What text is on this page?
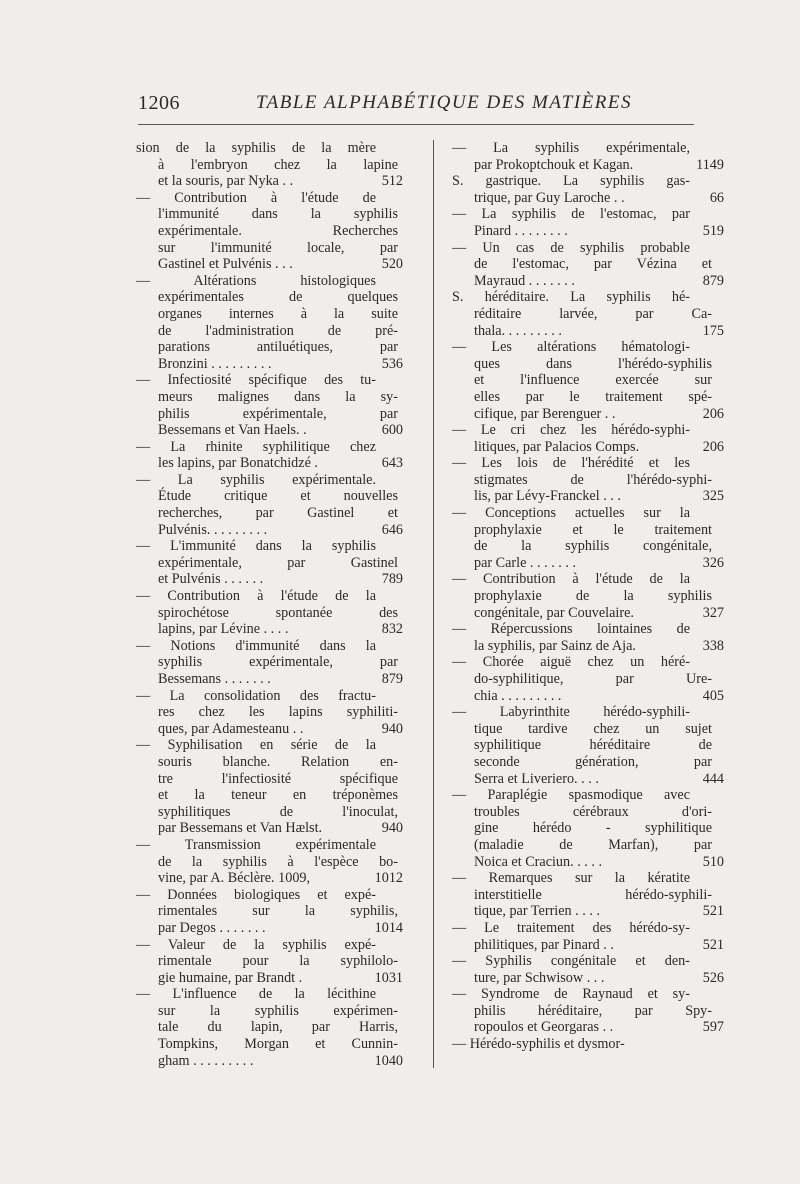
1206	TABLE ALPHABÉTIQUE DES MATIÈRES
sion de la syphilis de la mère
à l'embryon chez la lapine
et la souris, par Nyka . .	512
— Contribution à l'étude de
l'immunité dans la syphilis
expérimentale. Recherches
sur l'immunité locale, par
Gastinel et Pulvénis . . .	520
— Altérations histologiques
expérimentales de quelques
organes internes à la suite
de l'administration de pré-
parations antiluétiques, par
Bronzini . . . . . . . . .	536
— Infectiosité spécifique des tu-
meurs malignes dans la sy-
philis expérimentale, par
Bessemans et Van Haels. .	600
— La rhinite syphilitique chez
les lapins, par Bonatchidzé .	643
— La syphilis expérimentale.
Étude critique et nouvelles
recherches, par Gastinel et
Pulvénis. . . . . . . . .	646
— L'immunité dans la syphilis
expérimentale, par Gastinel
et Pulvénis . . . . . .	789
— Contribution à l'étude de la
spirochétose spontanée des
lapins, par Lévine . . . .	832
— Notions d'immunité dans la
syphilis expérimentale, par
Bessemans . . . . . . .	879
— La consolidation des fractu-
res chez les lapins syphiliti-
ques, par Adamesteanu . .	940
— Syphilisation en série de la
souris blanche. Relation en-
tre l'infectiosité spécifique
et la teneur en tréponèmes
syphilitiques de l'inoculat,
par Bessemans et Van Hælst.	940
— Transmission expérimentale
de la syphilis à l'espèce bo-
vine, par A. Béclère. 1009,	1012
— Données biologiques et expé-
rimentales sur la syphilis,
par Degos . . . . . . .	1014
— Valeur de la syphilis expé-
rimentale pour la syphilolo-
gie humaine, par Brandt .	1031
— L'influence de la lécithine
sur la syphilis expérimen-
tale du lapin, par Harris,
Tompkins, Morgan et Cunnin-
gham . . . . . . . . .	1040
— La syphilis expérimentale,
par Prokoptchouk et Kagan.	1149
S. gastrique. La syphilis gas-
trique, par Guy Laroche . .	66
— La syphilis de l'estomac, par
Pinard . . . . . . . .	519
— Un cas de syphilis probable
de l'estomac, par Vézina et
Mayraud . . . . . . .	879
S. héréditaire. La syphilis hé-
réditaire larvée, par Ca-
thala. . . . . . . . .	175
— Les altérations hématologi-
ques dans l'hérédo-syphilis
et l'influence exercée sur
elles par le traitement spé-
cifique, par Berenguer . .	206
— Le cri chez les hérédo-syphi-
litiques, par Palacios Comps.	206
— Les lois de l'hérédité et les
stigmates de l'hérédo-syphi-
lis, par Lévy-Franckel . . .	325
— Conceptions actuelles sur la
prophylaxie et le traitement
de la syphilis congénitale,
par Carle . . . . . . .	326
— Contribution à l'étude de la
prophylaxie de la syphilis
congénitale, par Couvelaire.	327
— Répercussions lointaines de
la syphilis, par Sainz de Aja.	338
— Chorée aiguë chez un héré-
do-syphilitique, par Ure-
chia . . . . . . . . .	405
— Labyrinthite hérédo-syphili-
tique tardive chez un sujet
syphilitique héréditaire de
seconde génération, par
Serra et Liveriero. . . .	444
— Paraplégie spasmodique avec
troubles cérébraux d'ori-
gine hérédo - syphilitique
(maladie de Marfan), par
Noica et Craciun. . . . .	510
— Remarques sur la kératite
interstitielle hérédo-syphili-
tique, par Terrien . . . .	521
— Le traitement des hérédo-sy-
philitiques, par Pinard . .	521
— Syphilis congénitale et den-
ture, par Schwisow . . .	526
— Syndrome de Raynaud et sy-
philis héréditaire, par Spy-
ropoulos et Georgaras . .	597
— Hérédo-syphilis et dysmor-
